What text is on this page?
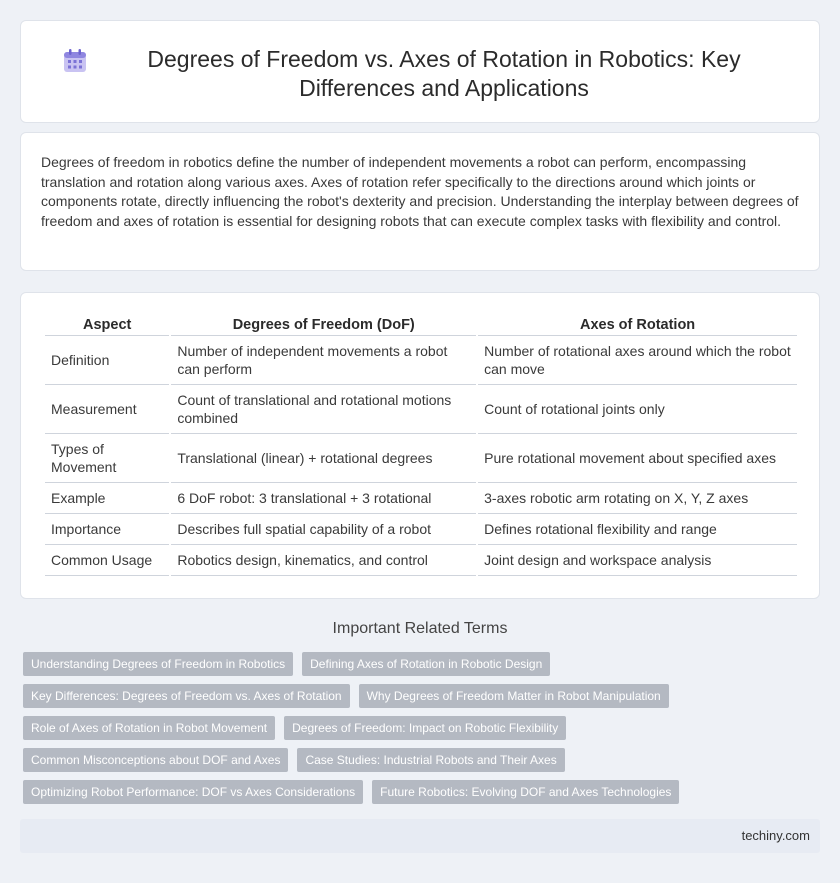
Degrees of Freedom vs. Axes of Rotation in Robotics: Key Differences and Applications

Degrees of freedom in robotics define the number of independent movements a robot can perform, encompassing translation and rotation along various axes. Axes of rotation refer specifically to the directions around which joints or components rotate, directly influencing the robot's dexterity and precision. Understanding the interplay between degrees of freedom and axes of rotation is essential for designing robots that can execute complex tasks with flexibility and control.

Aspect	Degrees of Freedom (DoF)	Axes of Rotation
Definition	Number of independent movements a robot can perform	Number of rotational axes around which the robot can move
Measurement	Count of translational and rotational motions combined	Count of rotational joints only
Types of Movement	Translational (linear) + rotational degrees	Pure rotational movement about specified axes
Example	6 DoF robot: 3 translational + 3 rotational	3-axes robotic arm rotating on X, Y, Z axes
Importance	Describes full spatial capability of a robot	Defines rotational flexibility and range
Common Usage	Robotics design, kinematics, and control	Joint design and workspace analysis
Important Related Terms
Understanding Degrees of Freedom in Robotics	Defining Axes of Rotation in Robotic Design
Key Differences: Degrees of Freedom vs. Axes of Rotation	Why Degrees of Freedom Matter in Robot Manipulation
Role of Axes of Rotation in Robot Movement	Degrees of Freedom: Impact on Robotic Flexibility
Common Misconceptions about DOF and Axes	Case Studies: Industrial Robots and Their Axes
Optimizing Robot Performance: DOF vs Axes Considerations	Future Robotics: Evolving DOF and Axes Technologies
techiny.com
